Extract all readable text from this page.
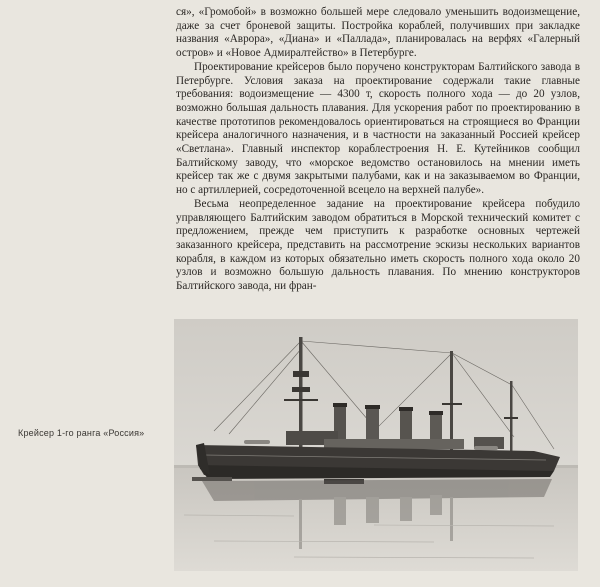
ся», «Громобой» в возможно большей мере следовало уменьшить водоизмещение, даже за счет броневой защиты. Постройка кораблей, получивших при закладке названия «Аврора», «Диана» и «Паллада», планировалась на верфях «Галерный остров» и «Новое Адмиралтейство» в Петербурге.

Проектирование крейсеров было поручено конструкторам Балтийского завода в Петербурге. Условия заказа на проектирование содержали такие главные требования: водоизмещение — 4300 т, скорость полного хода — до 20 узлов, возможно большая дальность плавания. Для ускорения работ по проектированию в качестве прототипов рекомендовалось ориентироваться на строящиеся во Франции крейсера аналогичного назначения, и в частности на заказанный Россией крейсер «Светлана». Главный инспектор кораблестроения Н. Е. Кутейников сообщил Балтийскому заводу, что «морское ведомство остановилось на мнении иметь крейсер так же с двумя закрытыми палубами, как и на заказываемом во Франции, но с артиллерией, сосредоточенной всецело на верхней палубе».

Весьма неопределенное задание на проектирование крейсера побудило управляющего Балтийским заводом обратиться в Морской технический комитет с предложением, прежде чем приступить к разработке основных чертежей заказанного крейсера, представить на рассмотрение эскизы нескольких вариантов корабля, в каждом из которых обязательно иметь скорость полного хода около 20 узлов и возможно большую дальность плавания. По мнению конструкторов Балтийского завода, ни фран-

Крейсер 1-го ранга «Россия»
